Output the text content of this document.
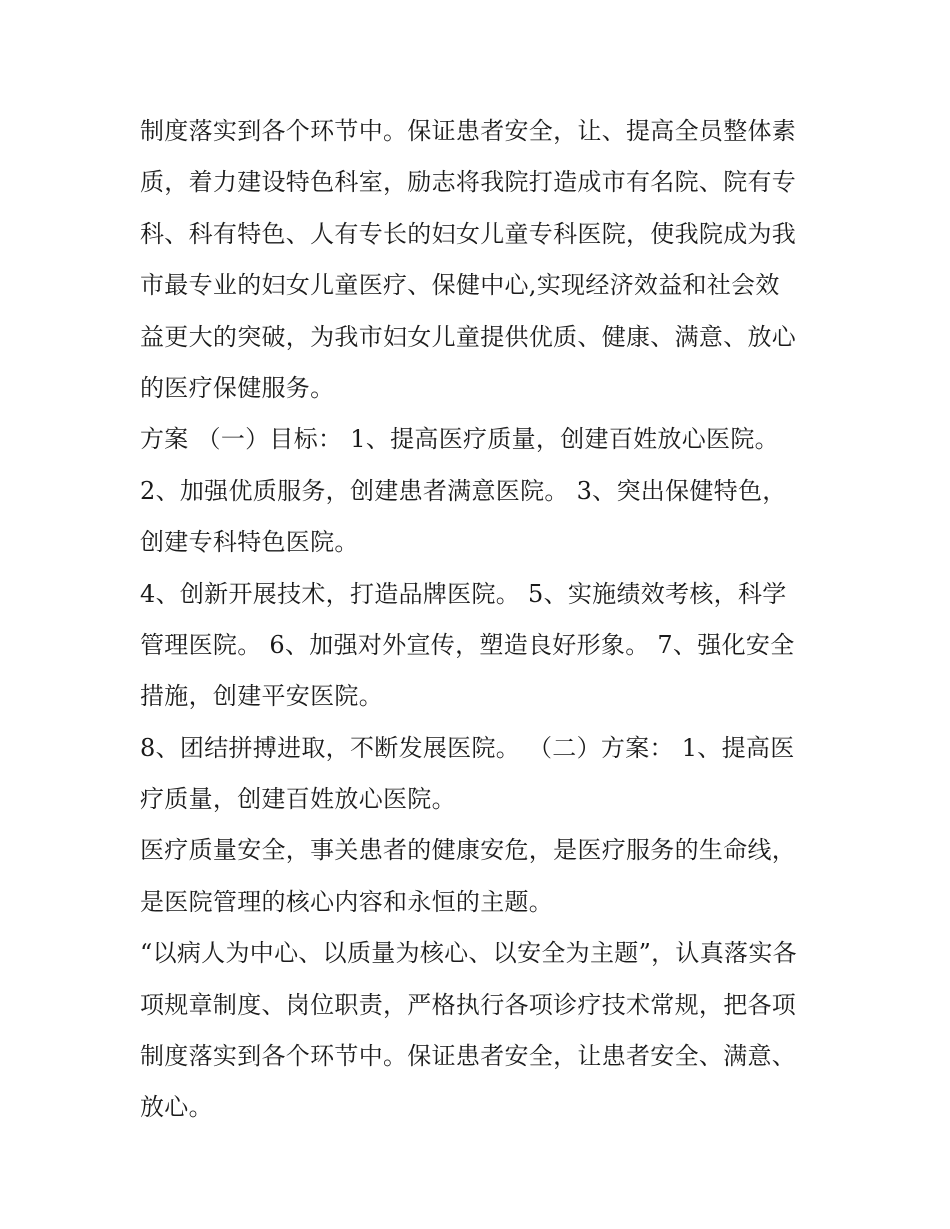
制度落实到各个环节中。保证患者安全，让、提高全员整体素
质，着力建设特色科室，励志将我院打造成市有名院、院有专
科、科有特色、人有专长的妇女儿童专科医院，使我院成为我
市最专业的妇女儿童医疗、保健中心,实现经济效益和社会效
益更大的突破，为我市妇女儿童提供优质、健康、满意、放心
的医疗保健服务。
方案 （一）目标： 1、提高医疗质量，创建百姓放心医院。
2、加强优质服务，创建患者满意医院。 3、突出保健特色，
创建专科特色医院。
4、创新开展技术，打造品牌医院。 5、实施绩效考核，科学
管理医院。 6、加强对外宣传，塑造良好形象。 7、强化安全
措施，创建平安医院。
8、团结拼搏进取，不断发展医院。 （二）方案： 1、提高医
疗质量，创建百姓放心医院。
医疗质量安全，事关患者的健康安危，是医疗服务的生命线，
是医院管理的核心内容和永恒的主题。
“以病人为中心、以质量为核心、以安全为主题”，认真落实各
项规章制度、岗位职责，严格执行各项诊疗技术常规，把各项
制度落实到各个环节中。保证患者安全，让患者安全、满意、
放心。
